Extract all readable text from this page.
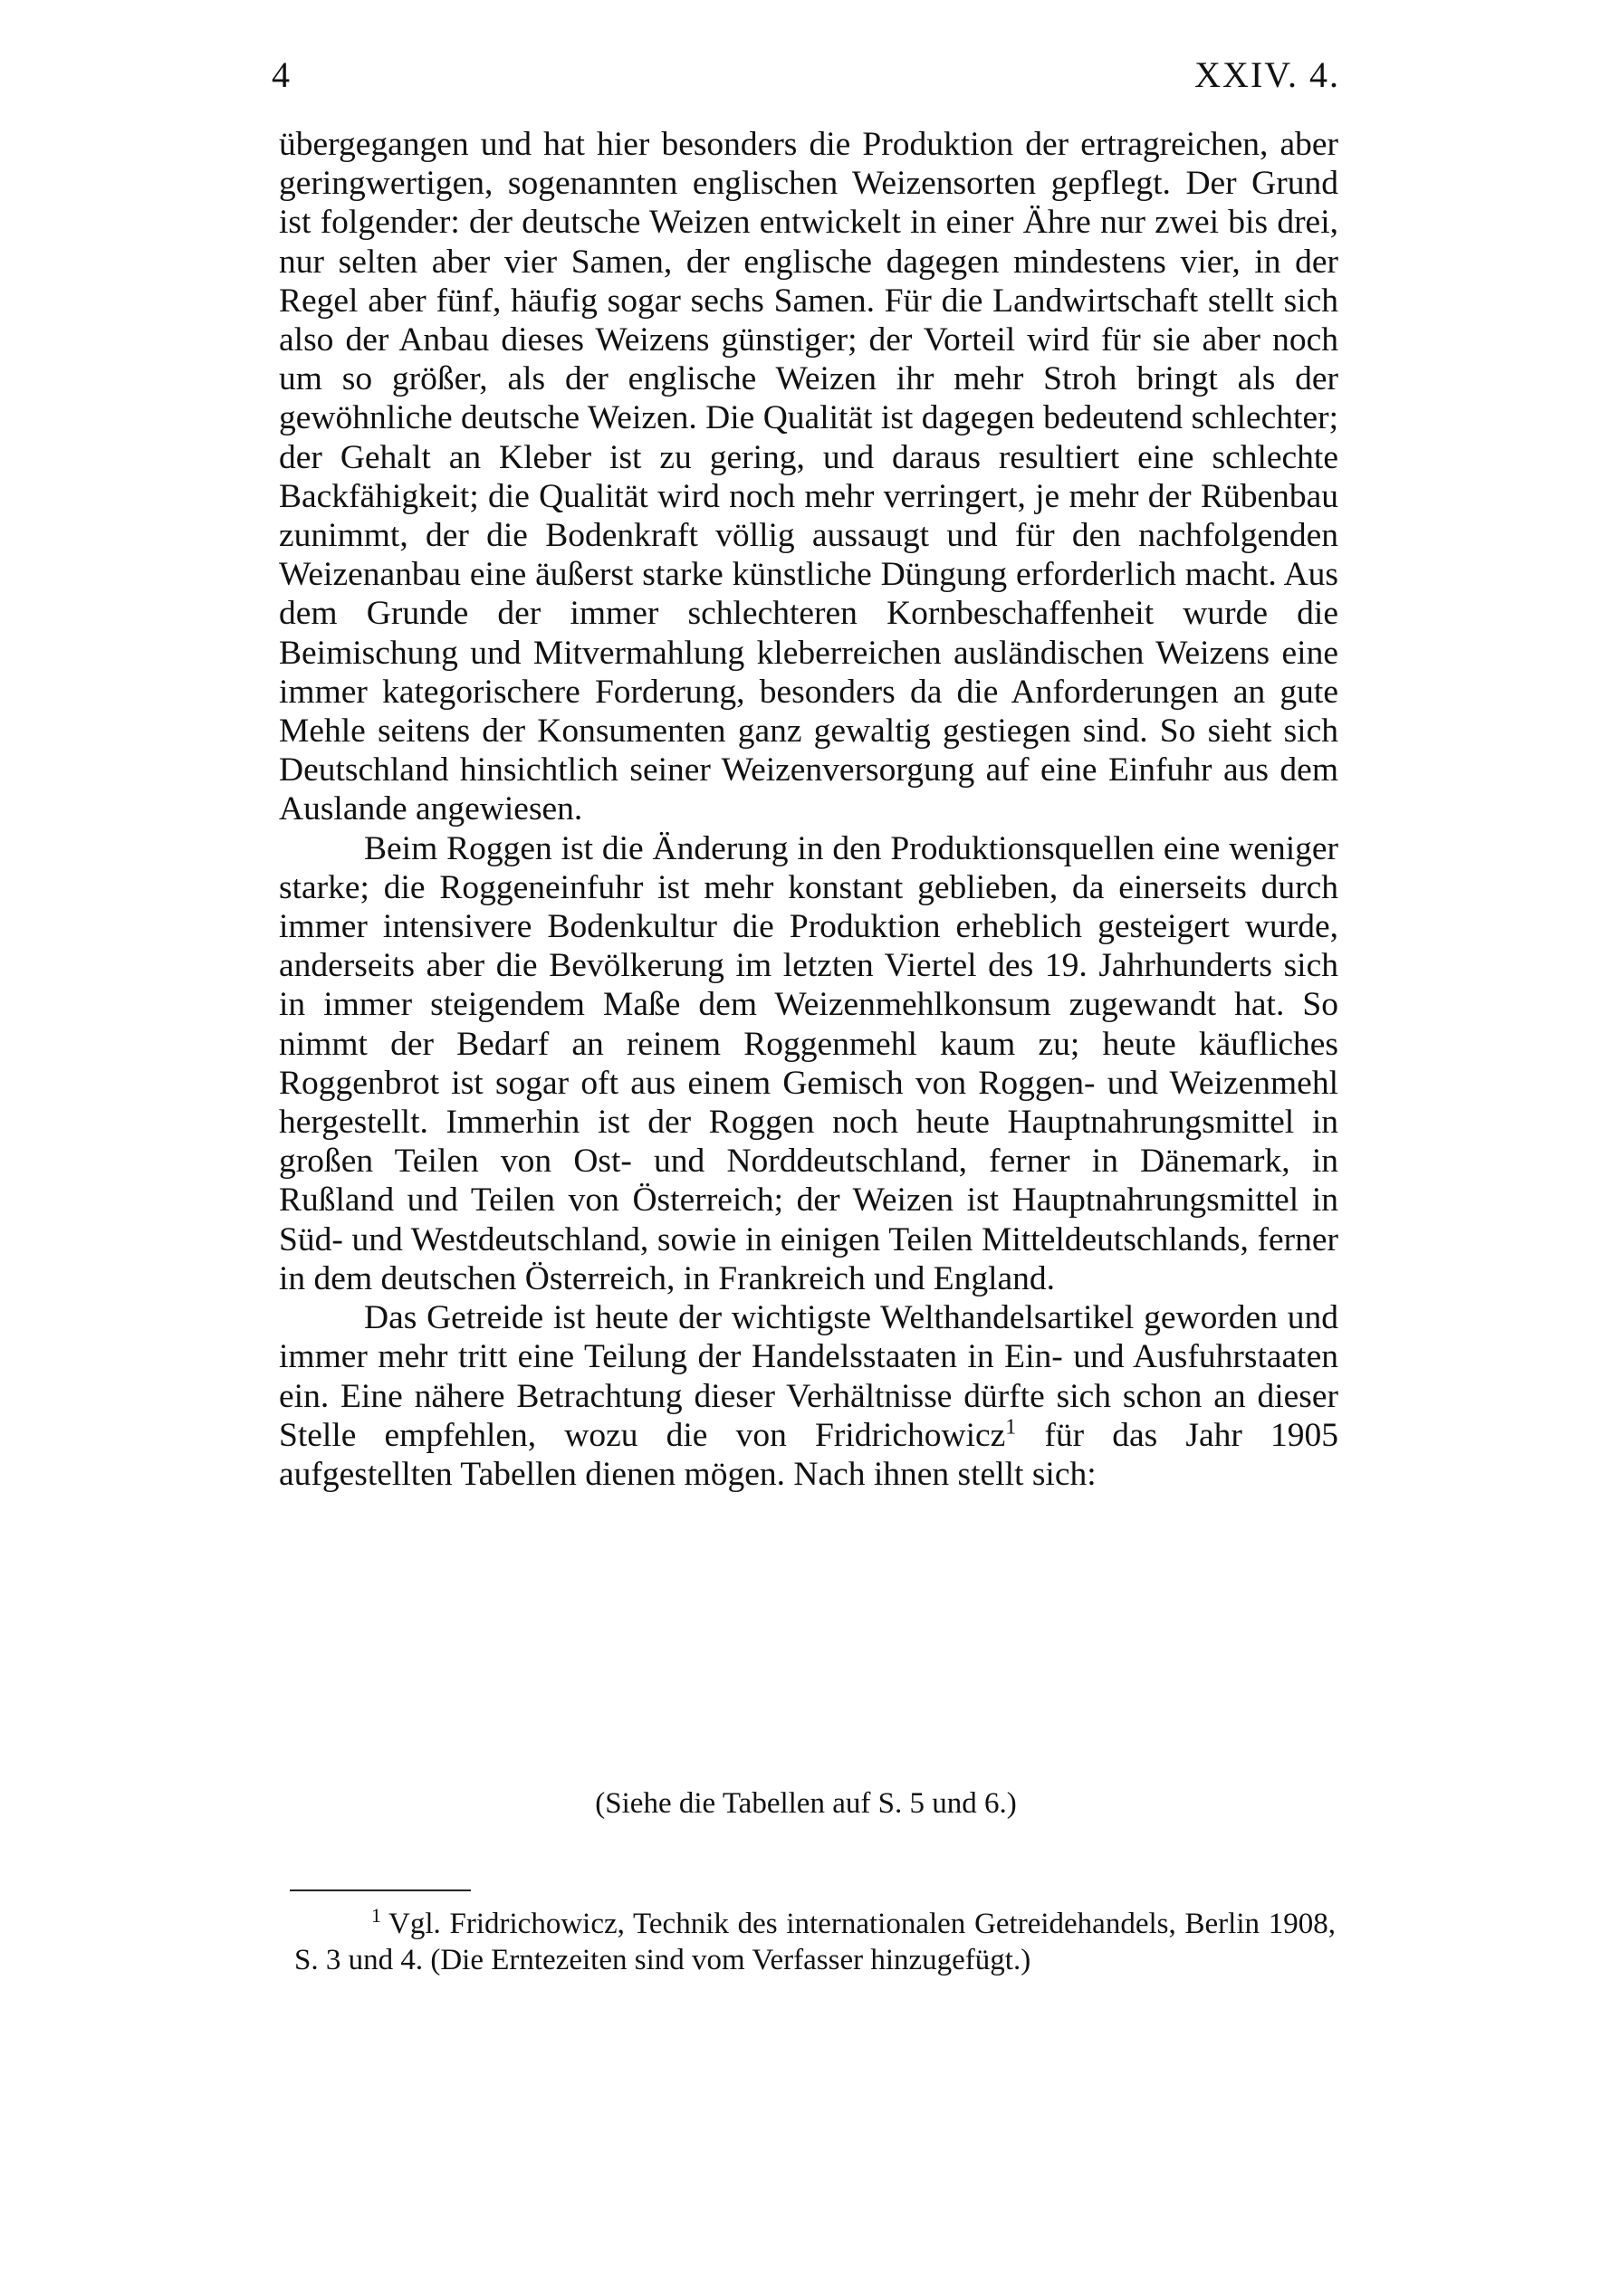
4	XXIV. 4.

übergegangen und hat hier besonders die Produktion der ertragreichen, aber geringwertigen, sogenannten englischen Weizensorten gepflegt. Der Grund ist folgender: der deutsche Weizen entwickelt in einer Ähre nur zwei bis drei, nur selten aber vier Samen, der englische dagegen mindestens vier, in der Regel aber fünf, häufig sogar sechs Samen. Für die Landwirtschaft stellt sich also der Anbau dieses Weizens günstiger; der Vorteil wird für sie aber noch um so größer, als der englische Weizen ihr mehr Stroh bringt als der gewöhnliche deutsche Weizen. Die Qualität ist dagegen bedeutend schlechter; der Gehalt an Kleber ist zu gering, und daraus resultiert eine schlechte Backfähigkeit; die Qualität wird noch mehr verringert, je mehr der Rübenbau zunimmt, der die Bodenkraft völlig aussaugt und für den nachfolgenden Weizenanbau eine äußerst starke künstliche Düngung erforderlich macht. Aus dem Grunde der immer schlechteren Kornbeschaffenheit wurde die Beimischung und Mitvermahlung kleberreichen ausländischen Weizens eine immer kategorischere Forderung, besonders da die Anforderungen an gute Mehle seitens der Konsumenten ganz gewaltig gestiegen sind. So sieht sich Deutschland hinsichtlich seiner Weizenversorgung auf eine Einfuhr aus dem Auslande angewiesen.

Beim Roggen ist die Änderung in den Produktionsquellen eine weniger starke; die Roggeneinfuhr ist mehr konstant geblieben, da einerseits durch immer intensivere Bodenkultur die Produktion erheblich gesteigert wurde, anderseits aber die Bevölkerung im letzten Viertel des 19. Jahrhunderts sich in immer steigendem Maße dem Weizenmehlkonsum zugewandt hat. So nimmt der Bedarf an reinem Roggenmehl kaum zu; heute käufliches Roggenbrot ist sogar oft aus einem Gemisch von Roggen- und Weizenmehl hergestellt. Immerhin ist der Roggen noch heute Hauptnahrungsmittel in großen Teilen von Ost- und Norddeutschland, ferner in Dänemark, in Rußland und Teilen von Österreich; der Weizen ist Hauptnahrungsmittel in Süd- und Westdeutschland, sowie in einigen Teilen Mitteldeutschlands, ferner in dem deutschen Österreich, in Frankreich und England.

Das Getreide ist heute der wichtigste Welthandelsartikel geworden und immer mehr tritt eine Teilung der Handelsstaaten in Ein- und Ausfuhrstaaten ein. Eine nähere Betrachtung dieser Verhältnisse dürfte sich schon an dieser Stelle empfehlen, wozu die von Fridrichowicz$^1$ für das Jahr 1905 aufgestellten Tabellen dienen mögen. Nach ihnen stellt sich:

(Siehe die Tabellen auf S. 5 und 6.)

$^1$ Vgl. Fridrichowicz, Technik des internationalen Getreidehandels, Berlin 1908, S. 3 und 4. (Die Erntezeiten sind vom Verfasser hinzugefügt.)
